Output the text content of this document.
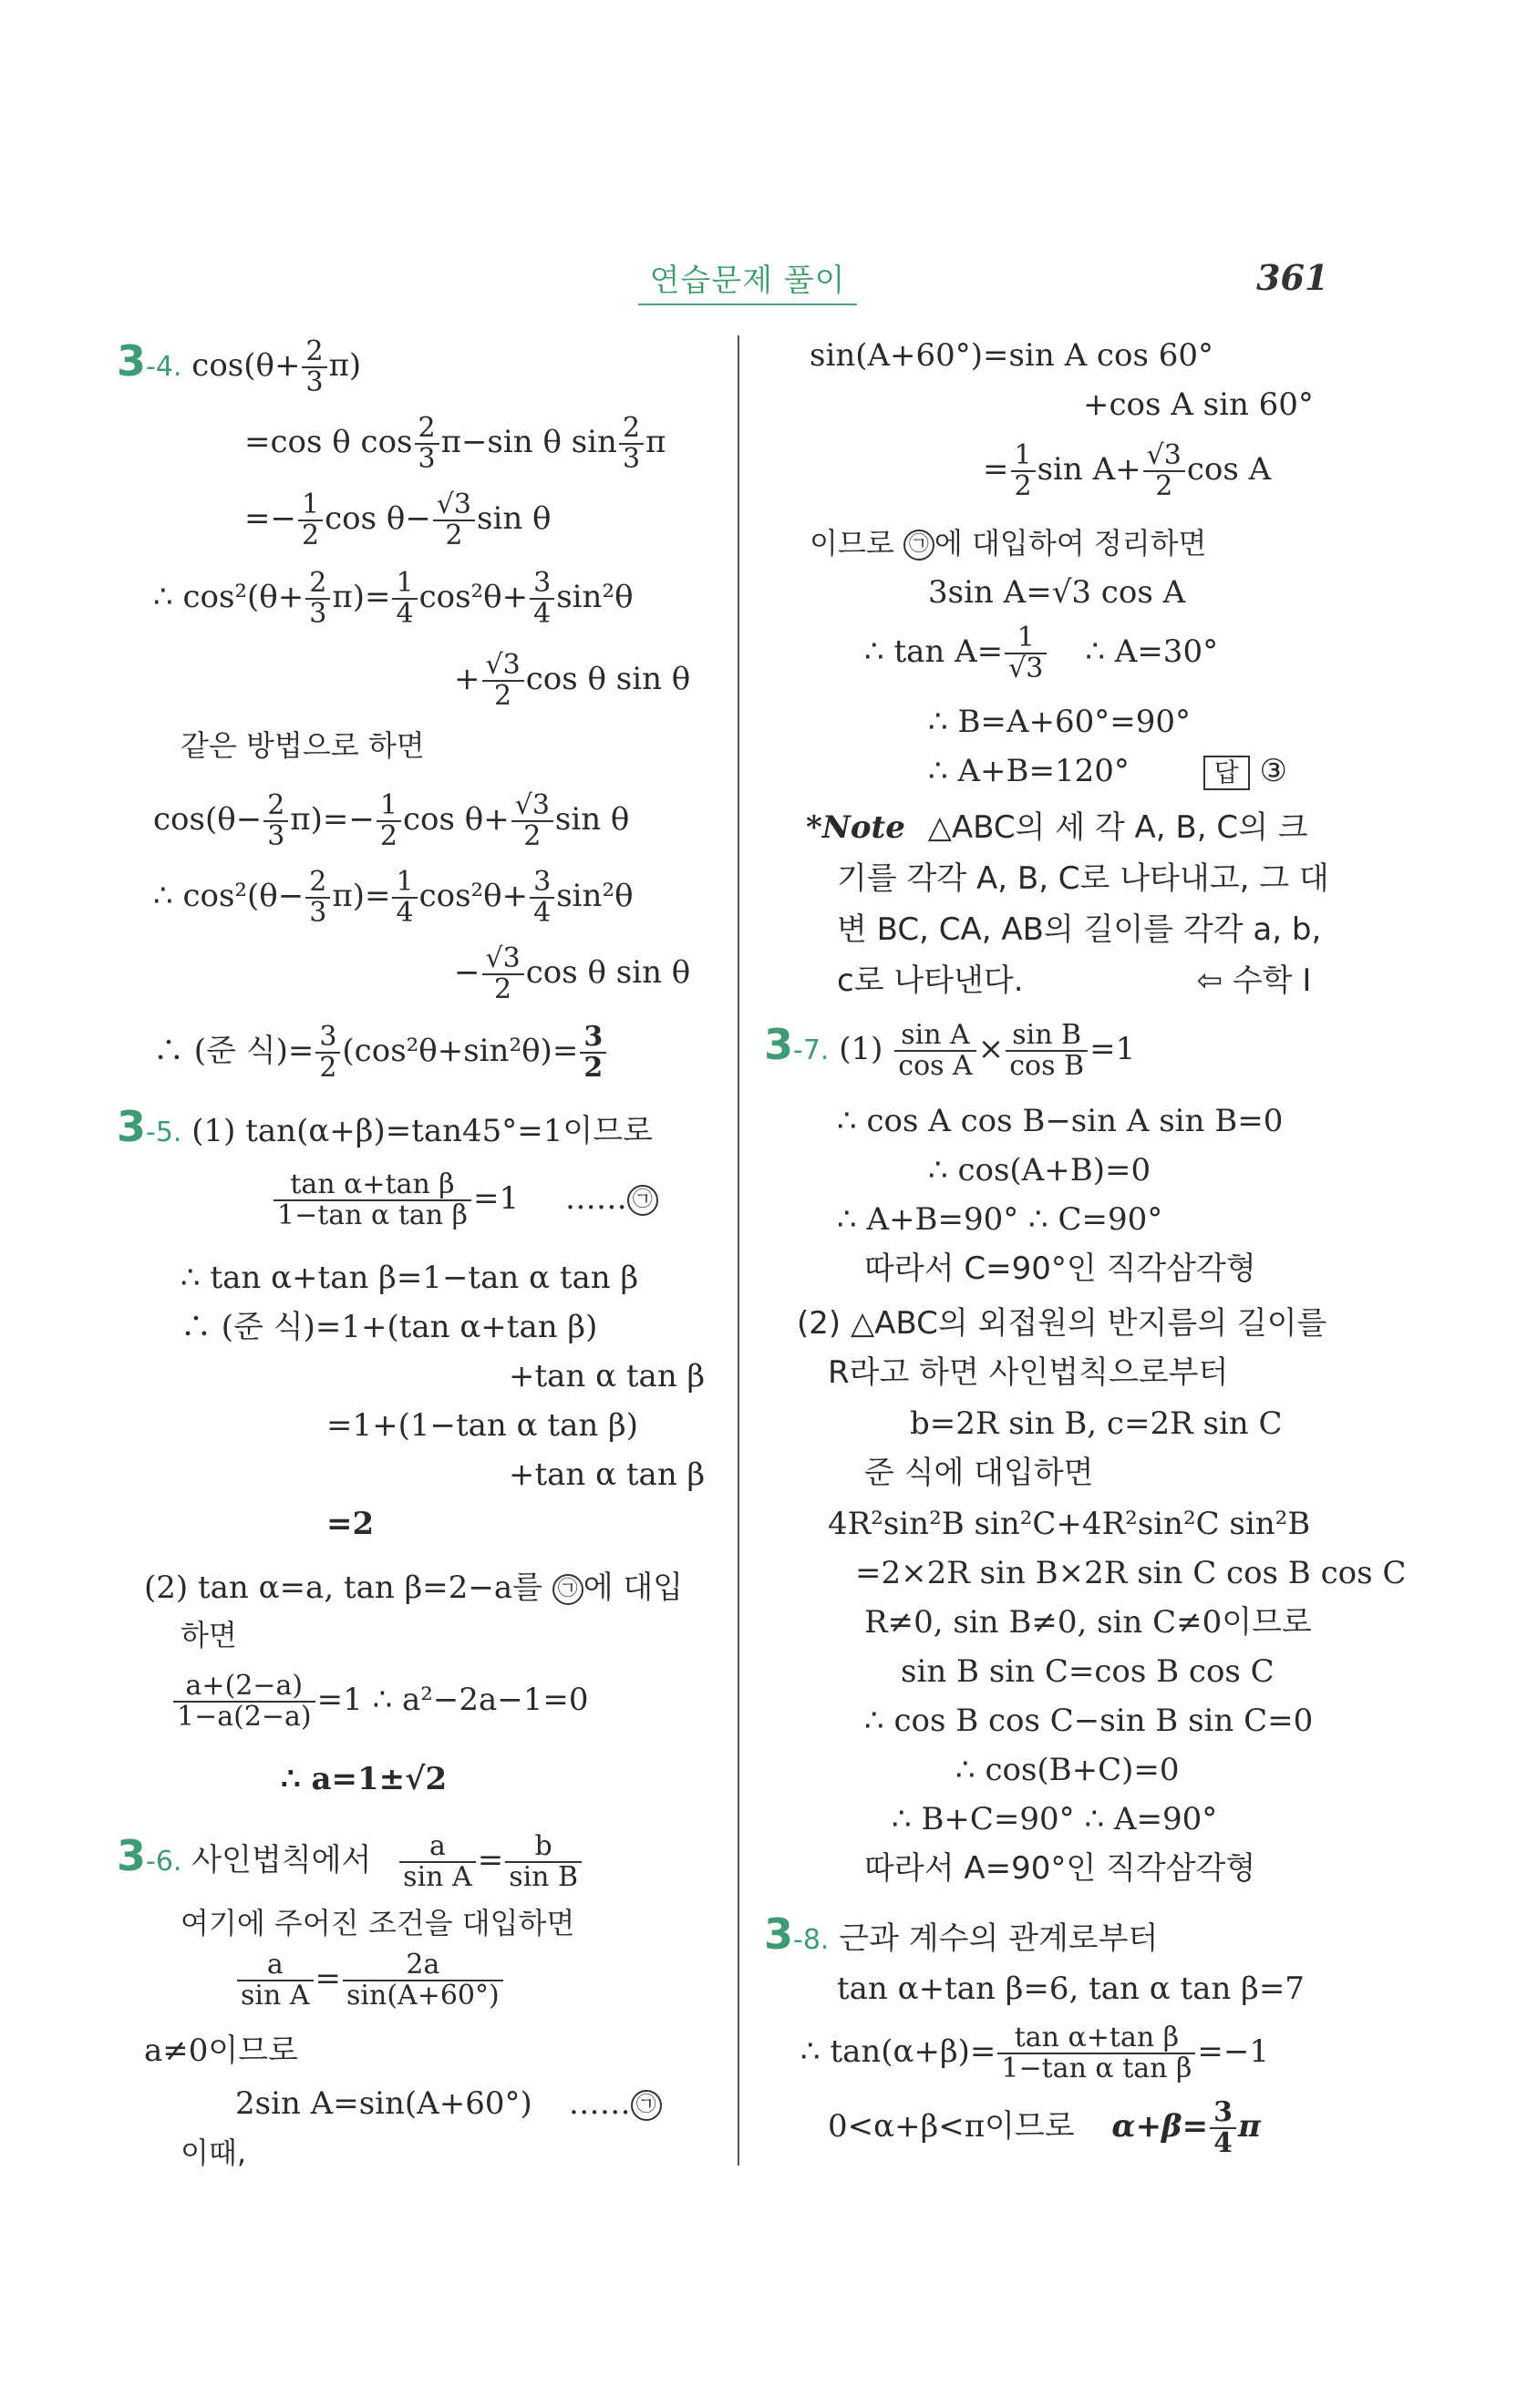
연습문제 풀이	361
3-4. $\cos(\theta+ \frac{2}{3} \pi)$
=cos θ $\cos \frac{2}{3} \pi-\sin$ θ $\sin \frac{2}{3}$ π
=− $\frac{1}{2}$ $\cos \theta- \frac{√3}{2}$ sin θ
∴ $\cos^2(\theta+ \frac{2}{3} \pi)= \frac{1}{4} \cos^2\theta+ \frac{3}{4} \sin^2\theta$
+ $\frac{√3}{2}$ cos θ sin θ
같은 방법으로 하면
$\cos(\theta- \frac{2}{3} \pi)=- \frac{1}{2}$ $\cos \theta+ \frac{√3}{2}$ sin θ
∴ $\cos^2(\theta- \frac{2}{3} \pi)= \frac{1}{4} \cos^2\theta+ \frac{3}{4} \sin^2\theta$
− $\frac{√3}{2}$ cos θ sin θ
∴ (준 식)= $\frac{3}{2} (\cos^2\theta+\sin^2\theta)= \frac{3}{2}$
3-5. (1) tan(α+β)=tan45°=1이므로
$\frac{\text{tan α+tan β}}{\text{1−tan α tan β}} =1$ …… ㉠
∴ tan α+tan β=1−tan α tan β
∴ (준 식)=1+(tan α+tan β)
+tan α tan β
=1+(1−tan α tan β)
+tan α tan β
=2
(2) tan α=a, tan β=2−a를 ㉠ 에 대입
하면
$\frac{a+(2-a)}{1-a(2-a)} =1$ ∴ a²−2a−1=0
∴ a=1±√2
3-6. 사인법칙에서 $\frac{a}{\text{sin A}} = \frac{b}{\text{sin B}}$
여기에 주어진 조건을 대입하면
$\frac{a}{\text{sin A}} = \frac{2a}{\sin(A+60^\circ)}$
a≠0이므로
2sin A=sin(A+60°) …… ㉠
이때,
sin(A+60°)=sin A cos 60°
+cos A sin 60°
= $\frac{1}{2}$ $\sin A+ \frac{√3}{2}$ cos A
이므로 ㉠ 에 대입하여 정리하면
3sin A=√3 cos A
∴ $\tan A= \frac{1}{√3}$ ∴ A=30°
∴ B=A+60°=90°
∴ A+B=120°	답 ③
*Note △ABC의 세 각 A, B, C의 크
기를 각각 A, B, C로 나타내고, 그 대
변 BC, CA, AB의 길이를 각각 a, b,
c로 나타낸다.	⇦ 수학 I
3-7. $(1) \frac{\text{sin A}}{\text{cos A}} \times \frac{\text{sin B}}{\text{cos B}} =1$
∴ cos A cos B−sin A sin B=0
∴ cos(A+B)=0
∴ A+B=90° ∴ C=90°
따라서 C=90°인 직각삼각형
(2) △ABC의 외접원의 반지름의 길이를
R라고 하면 사인법칙으로부터
b=2R sin B, c=2R sin C
준 식에 대입하면
4R²sin²B sin²C+4R²sin²C sin²B
=2×2R sin B×2R sin C cos B cos C
R≠0, sin B≠0, sin C≠0이므로
sin B sin C=cos B cos C
∴ cos B cos C−sin B sin C=0
∴ cos(B+C)=0
∴ B+C=90° ∴ A=90°
따라서 A=90°인 직각삼각형
3-8. 근과 계수의 관계로부터
tan α+tan β=6, tan α tan β=7
∴ $\tan(\alpha+\beta)= \frac{\text{tan α+tan β}}{\text{1−tan α tan β}} =-1$
0<α+β<π이므로 $\alpha+\beta= \frac{3}{4}$ π
